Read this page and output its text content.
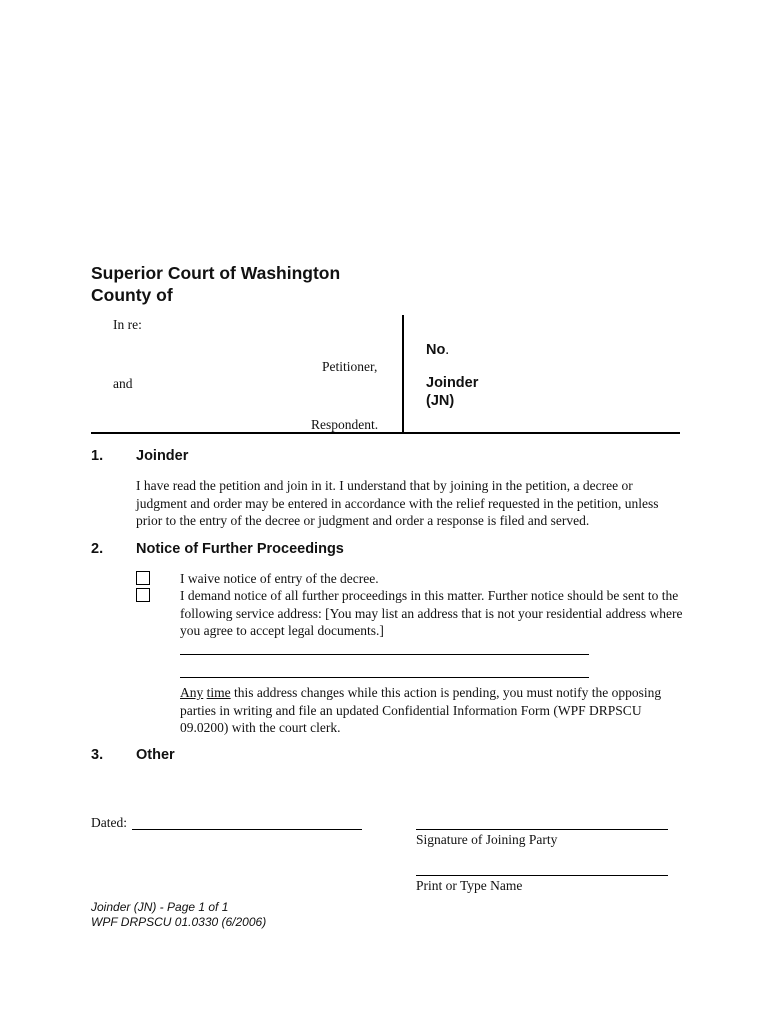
Superior Court of Washington
County of
In re:
Petitioner,
and
Respondent.
No.
Joinder
(JN)
1. Joinder
I have read the petition and join in it. I understand that by joining in the petition, a decree or judgment and order may be entered in accordance with the relief requested in the petition, unless prior to the entry of the decree or judgment and order a response is filed and served.
2. Notice of Further Proceedings
I waive notice of entry of the decree.
I demand notice of all further proceedings in this matter. Further notice should be sent to the following service address: [You may list an address that is not your residential address where you agree to accept legal documents.]
Any time this address changes while this action is pending, you must notify the opposing parties in writing and file an updated Confidential Information Form (WPF DRPSCU 09.0200) with the court clerk.
3. Other
Dated:
Signature of Joining Party
Print or Type Name
Joinder (JN) - Page 1 of 1
WPF DRPSCU 01.0330 (6/2006)
